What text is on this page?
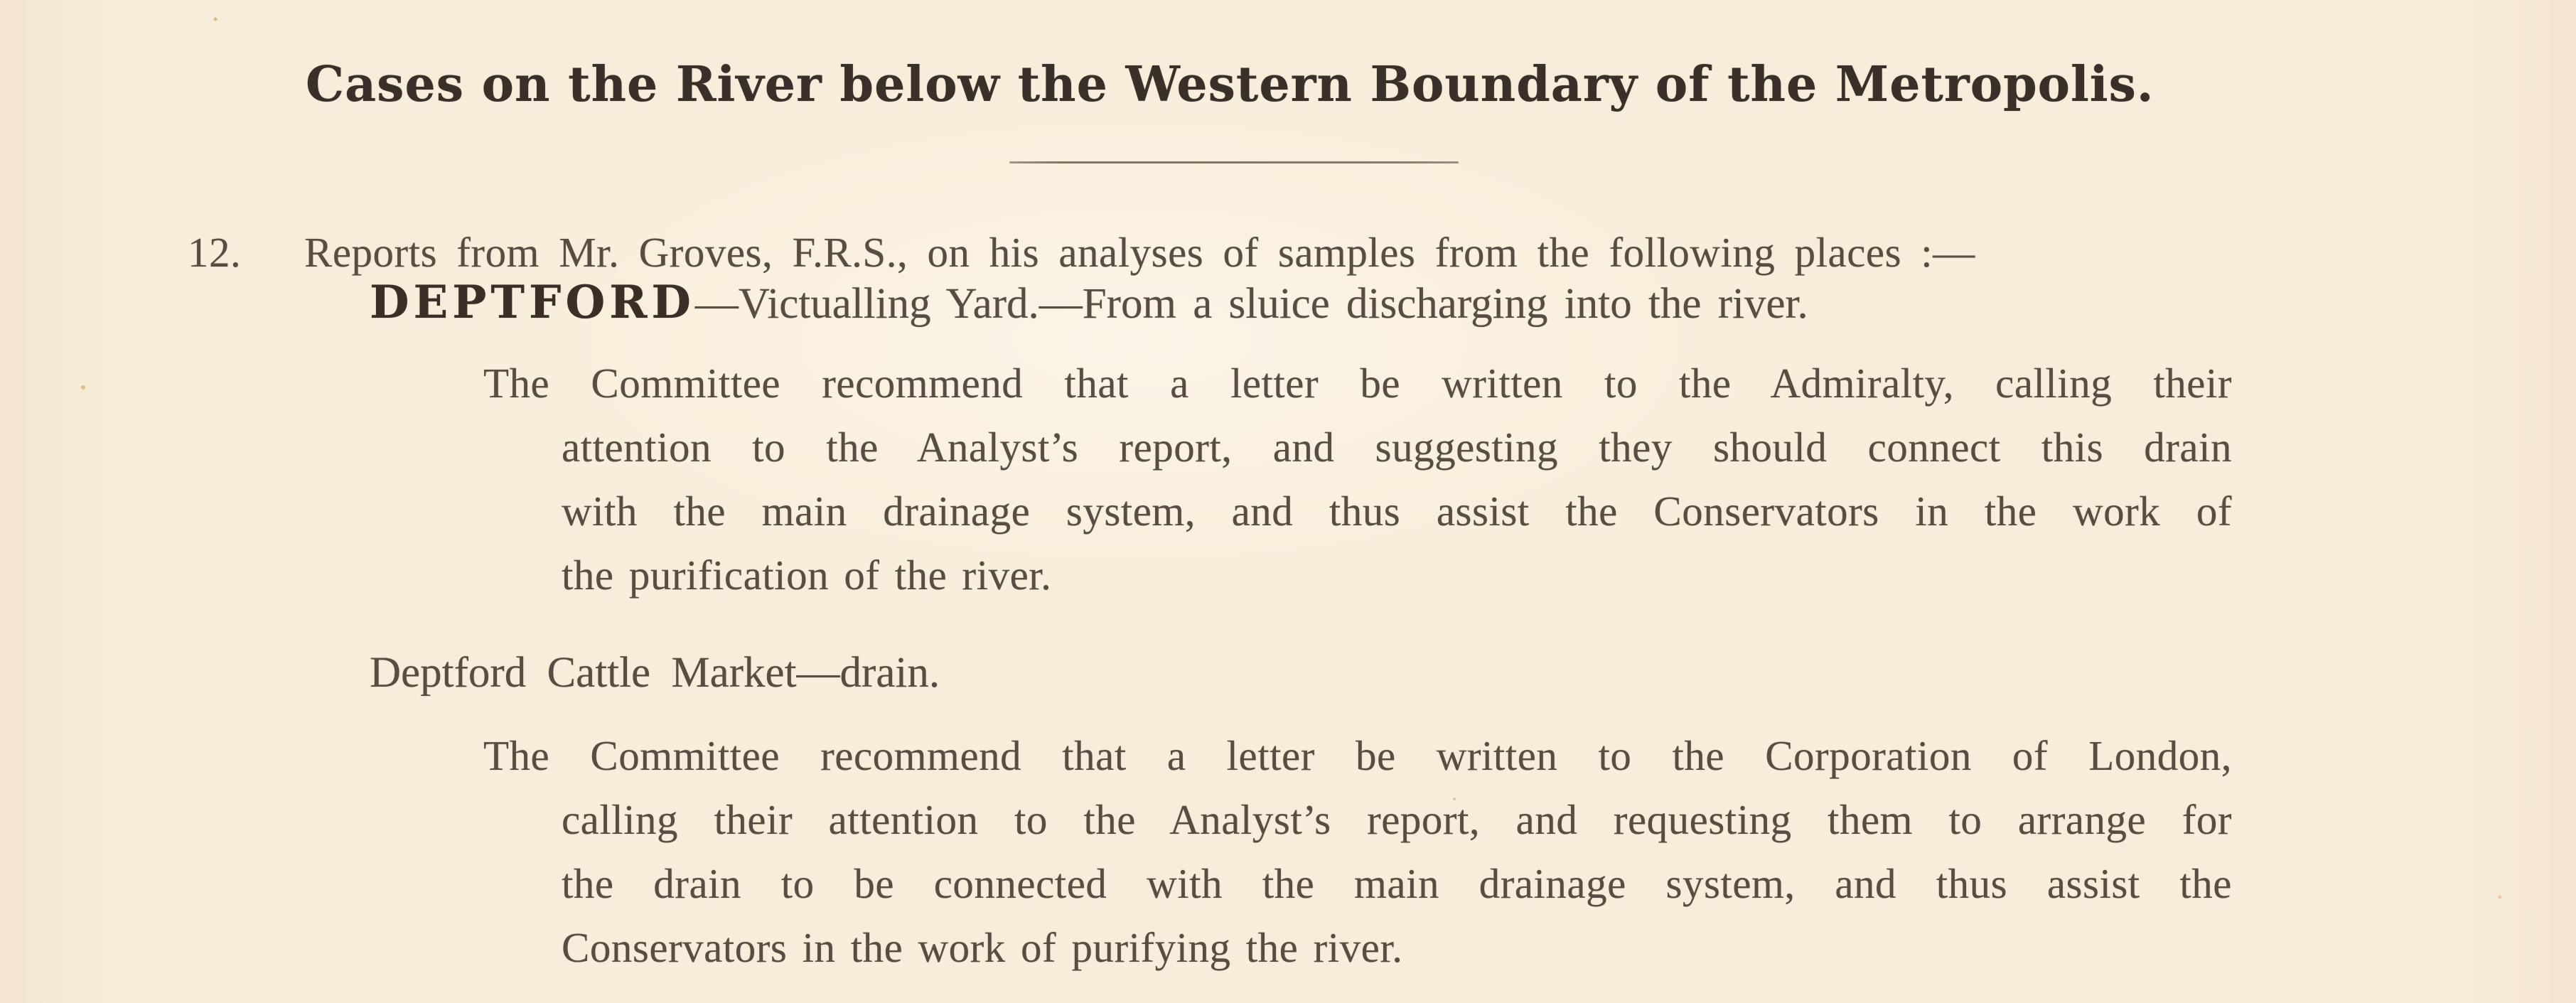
Cases on the River below the Western Boundary of the Metropolis.
12. Reports from Mr. Groves, F.R.S., on his analyses of samples from the following places :—
DEPTFORD—Victualling Yard.—From a sluice discharging into the river.
The Committee recommend that a letter be written to the Admiralty, calling their
attention to the Analyst’s report, and suggesting they should connect this drain
with the main drainage system, and thus assist the Conservators in the work of
the purification of the river.
Deptford Cattle Market—drain.
The Committee recommend that a letter be written to the Corporation of London,
calling their attention to the Analyst’s report, and requesting them to arrange for
the drain to be connected with the main drainage system, and thus assist the
Conservators in the work of purifying the river.
